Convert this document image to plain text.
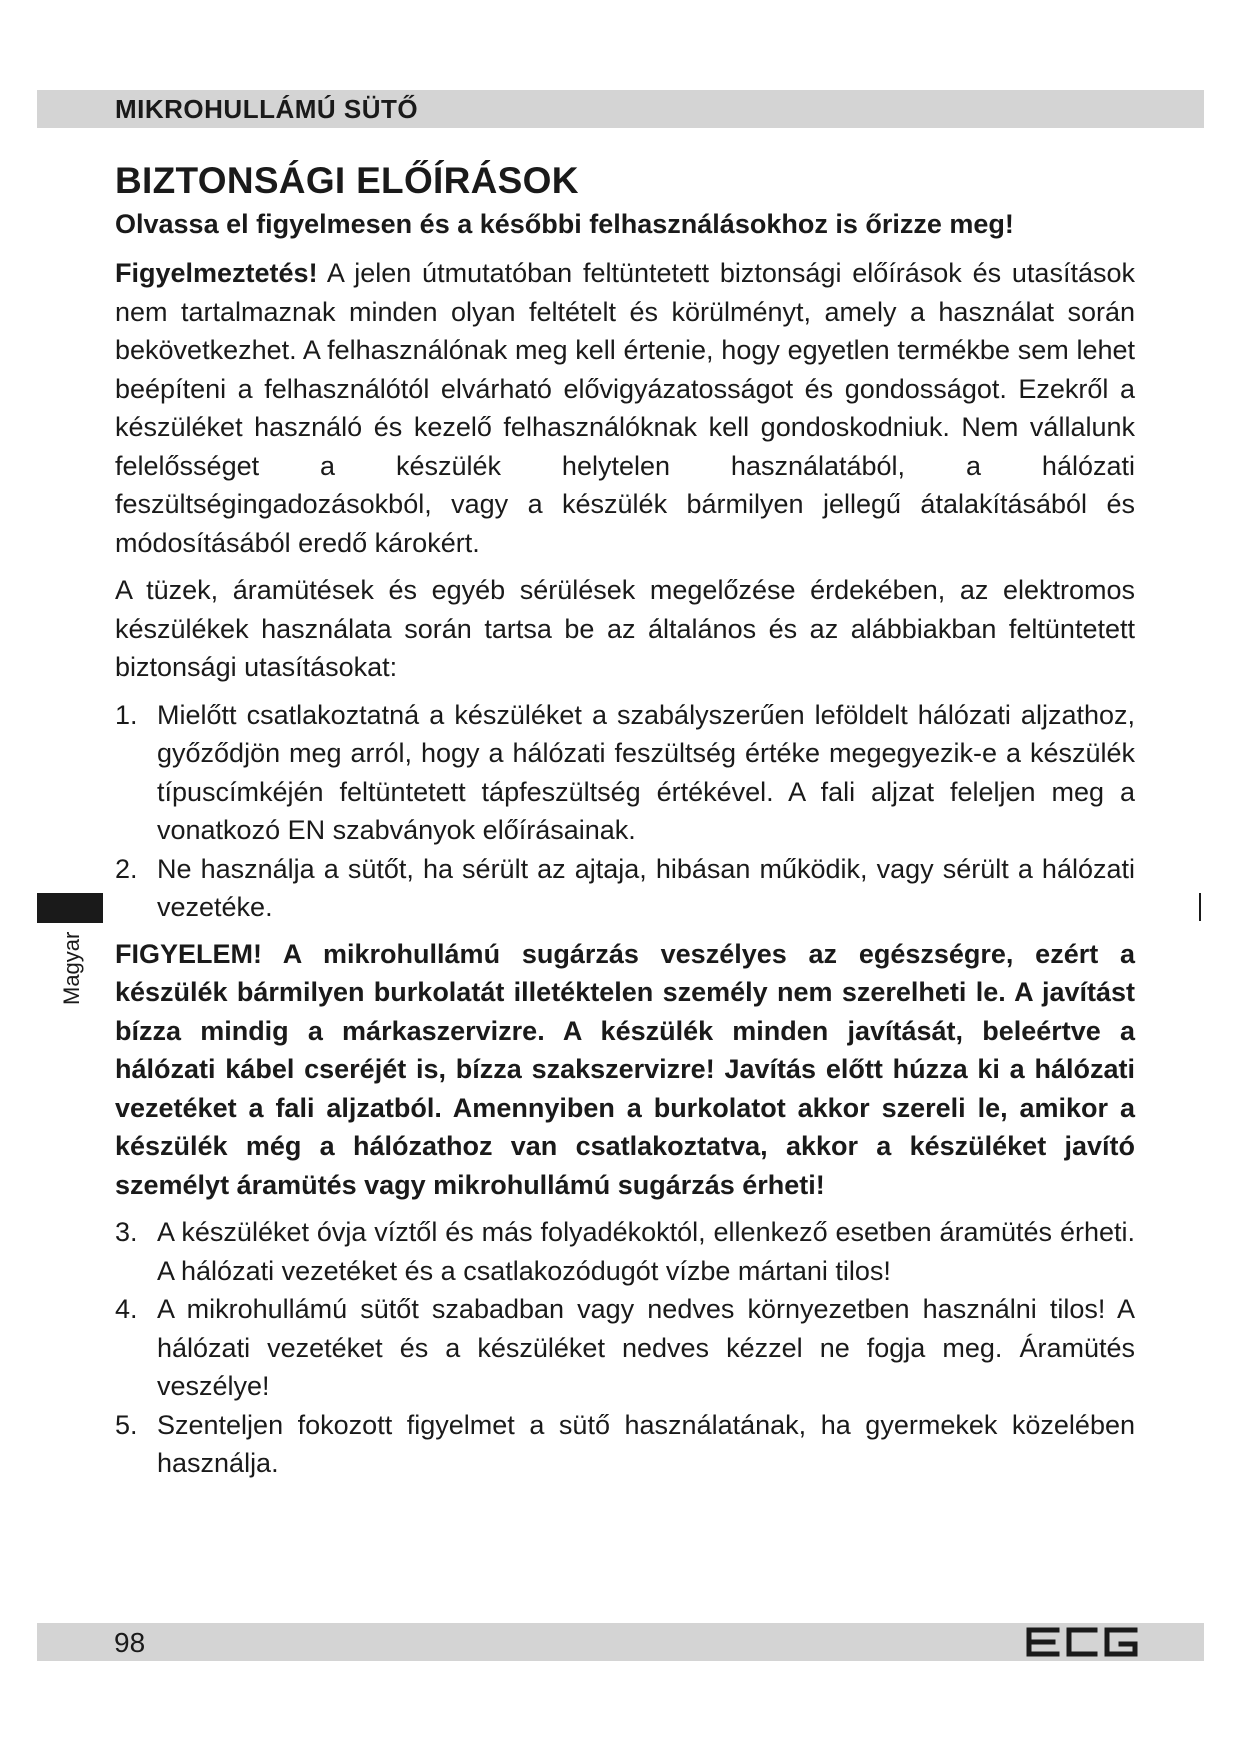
MIKROHULLÁMÚ SÜTŐ
BIZTONSÁGI ELŐÍRÁSOK
Olvassa el figyelmesen és a későbbi felhasználásokhoz is őrizze meg!

Figyelmeztetés! A jelen útmutatóban feltüntetett biztonsági előírások és utasítások nem tartalmaznak minden olyan feltételt és körülményt, amely a használat során bekövetkezhet. A felhasználónak meg kell értenie, hogy egyetlen termékbe sem lehet beépíteni a felhasználótól elvárható elővigyázatosságot és gondosságot. Ezekről a készüléket használó és kezelő felhasználóknak kell gondoskodniuk. Nem vállalunk felelősséget a készülék helytelen használatából, a hálózati feszültségingadozásokból, vagy a készülék bármilyen jellegű átalakításából és módosításából eredő károkért.

A tüzek, áramütések és egyéb sérülések megelőzése érdekében, az elektromos készülékek használata során tartsa be az általános és az alábbiakban feltüntetett biztonsági utasításokat:

1. Mielőtt csatlakoztatná a készüléket a szabályszerűen leföldelt hálózati aljzathoz, győződjön meg arról, hogy a hálózati feszültség értéke megegyezik-e a készülék típuscímkéjén feltüntetett tápfeszültség értékével. A fali aljzat feleljen meg a vonatkozó EN szabványok előírásainak.
2. Ne használja a sütőt, ha sérült az ajtaja, hibásan működik, vagy sérült a hálózati vezetéke.

FIGYELEM! A mikrohullámú sugárzás veszélyes az egészségre, ezért a készülék bármilyen burkolatát illetéktelen személy nem szerelheti le. A javítást bízza mindig a márkaszervizre. A készülék minden javítását, beleértve a hálózati kábel cseréjét is, bízza szakszervizre! Javítás előtt húzza ki a hálózati vezetéket a fali aljzatból. Amennyiben a burkolatot akkor szereli le, amikor a készülék még a hálózathoz van csatlakoztatva, akkor a készüléket javító személyt áramütés vagy mikrohullámú sugárzás érheti!

3. A készüléket óvja víztől és más folyadékoktól, ellenkező esetben áramütés érheti. A hálózati vezetéket és a csatlakozódugót vízbe mártani tilos!
4. A mikrohullámú sütőt szabadban vagy nedves környezetben használni tilos! A hálózati vezetéket és a készüléket nedves kézzel ne fogja meg. Áramütés veszélye!
5. Szenteljen fokozott figyelmet a sütő használatának, ha gyermekek közelében használja.
Magyar
98
